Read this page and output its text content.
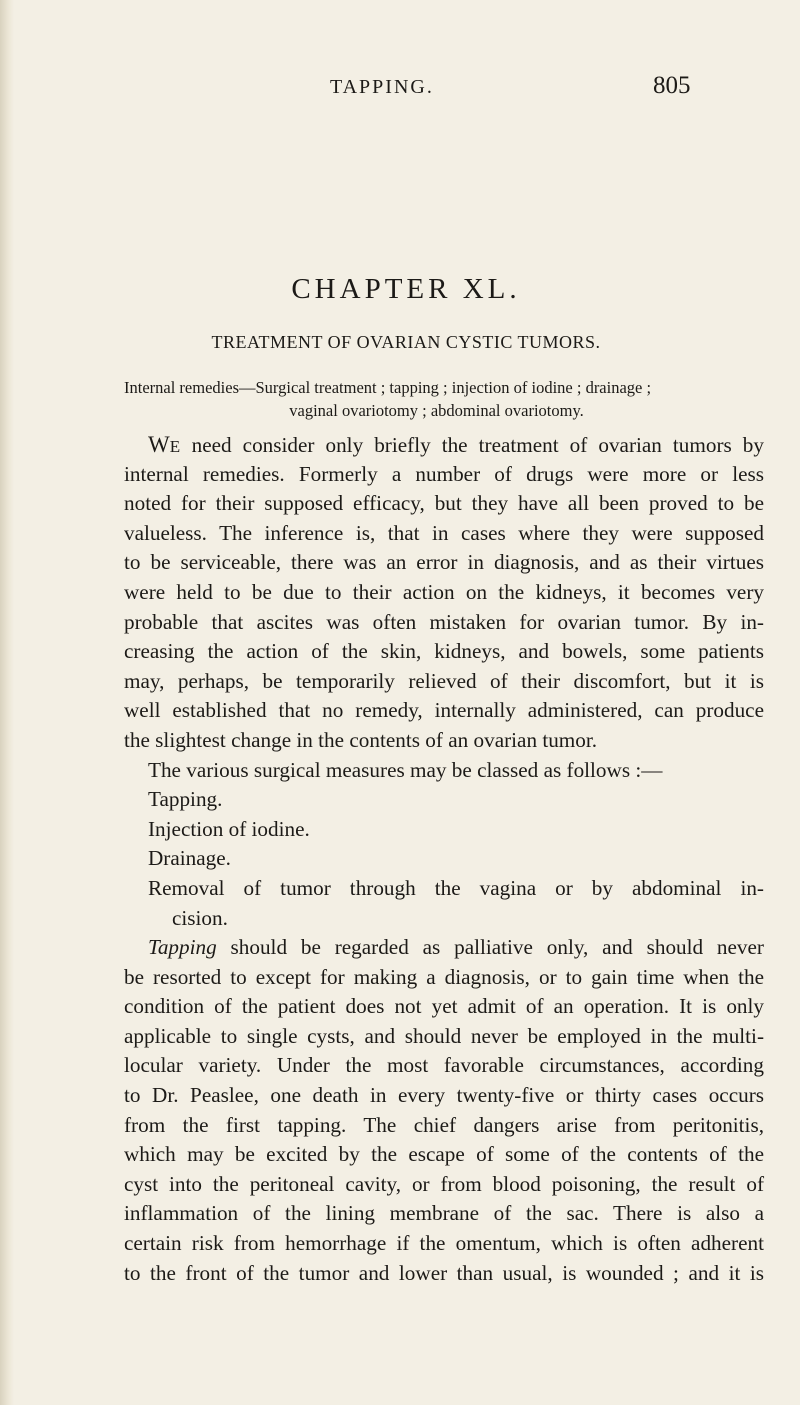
TAPPING.	805
CHAPTER XL.
TREATMENT OF OVARIAN CYSTIC TUMORS.
Internal remedies—Surgical treatment ; tapping ; injection of iodine ; drainage ;
vaginal ovariotomy ; abdominal ovariotomy.
WE need consider only briefly the treatment of ovarian tumors by
internal remedies. Formerly a number of drugs were more or less
noted for their supposed efficacy, but they have all been proved to be
valueless. The inference is, that in cases where they were supposed
to be serviceable, there was an error in diagnosis, and as their virtues
were held to be due to their action on the kidneys, it becomes very
probable that ascites was often mistaken for ovarian tumor. By in-
creasing the action of the skin, kidneys, and bowels, some patients
may, perhaps, be temporarily relieved of their discomfort, but it is
well established that no remedy, internally administered, can produce
the slightest change in the contents of an ovarian tumor.
The various surgical measures may be classed as follows :—
Tapping.
Injection of iodine.
Drainage.
Removal of tumor through the vagina or by abdominal in-
cision.
Tapping should be regarded as palliative only, and should never
be resorted to except for making a diagnosis, or to gain time when the
condition of the patient does not yet admit of an operation. It is only
applicable to single cysts, and should never be employed in the multi-
locular variety. Under the most favorable circumstances, according
to Dr. Peaslee, one death in every twenty-five or thirty cases occurs
from the first tapping. The chief dangers arise from peritonitis,
which may be excited by the escape of some of the contents of the
cyst into the peritoneal cavity, or from blood poisoning, the result of
inflammation of the lining membrane of the sac. There is also a
certain risk from hemorrhage if the omentum, which is often adherent
to the front of the tumor and lower than usual, is wounded ; and it is
